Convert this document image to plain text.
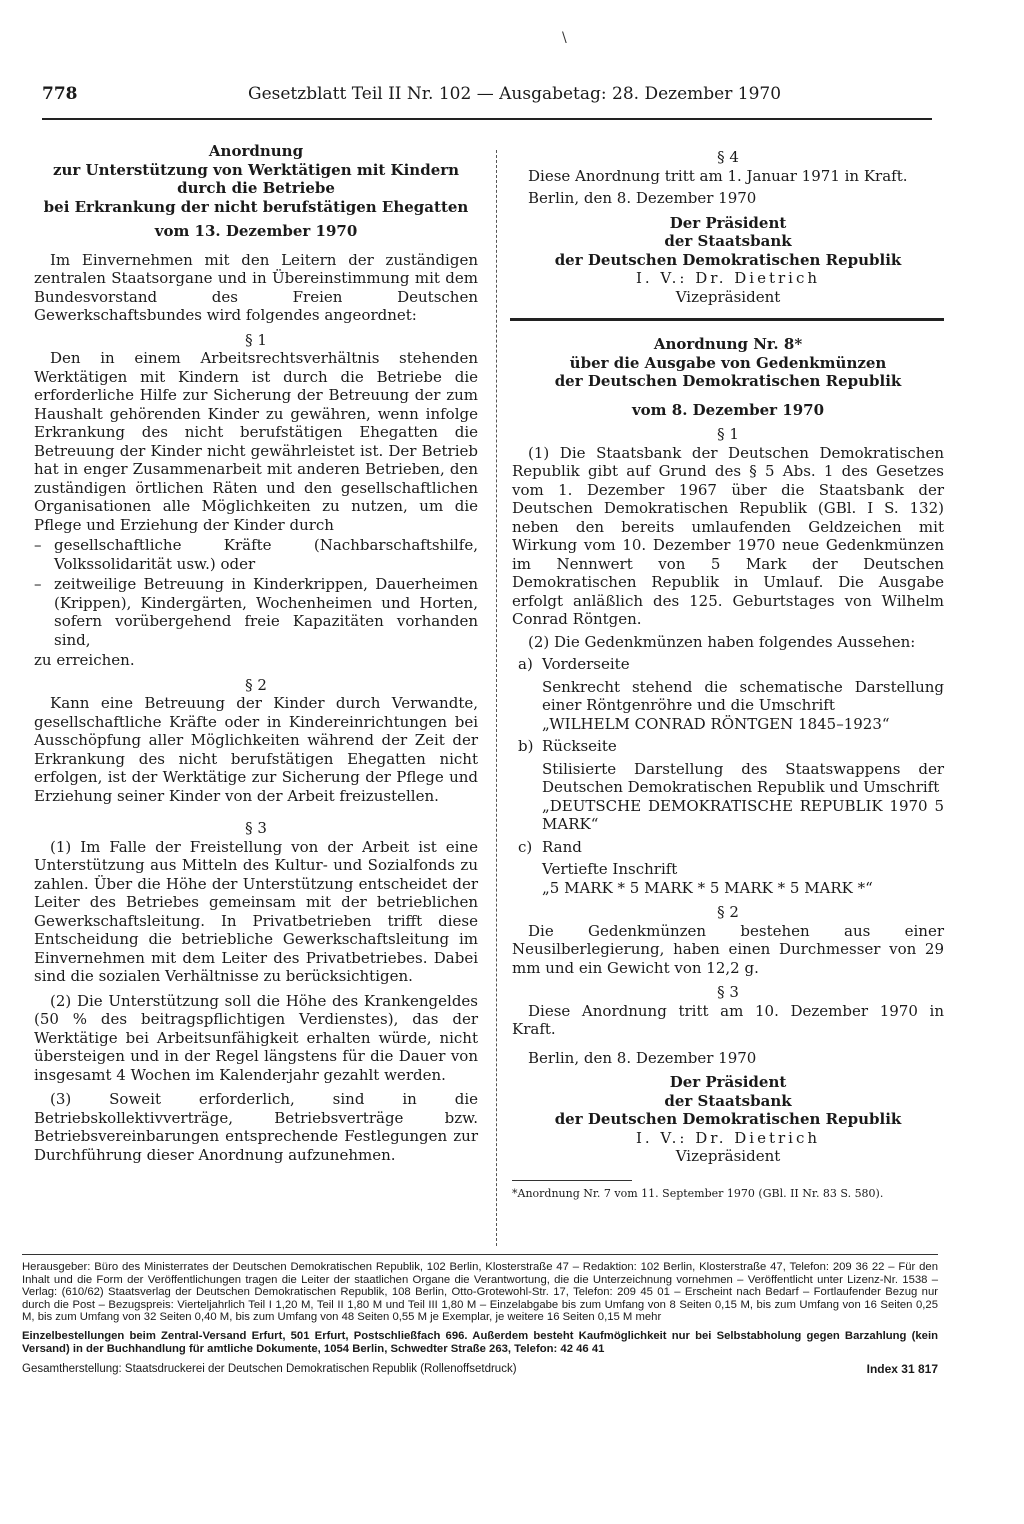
778	Gesetzblatt Teil II Nr. 102 — Ausgabetag: 28. Dezember 1970
\
Anordnung
zur Unterstützung von Werktätigen mit Kindern
durch die Betriebe
bei Erkrankung der nicht berufstätigen Ehegatten
vom 13. Dezember 1970

Im Einvernehmen mit den Leitern der zuständigen zentralen Staatsorgane und in Übereinstimmung mit dem Bundesvorstand des Freien Deutschen Gewerkschaftsbundes wird folgendes angeordnet:

§ 1

Den in einem Arbeitsrechtsverhältnis stehenden Werktätigen mit Kindern ist durch die Betriebe die erforderliche Hilfe zur Sicherung der Betreuung der zum Haushalt gehörenden Kinder zu gewähren, wenn infolge Erkrankung des nicht berufstätigen Ehegatten die Betreuung der Kinder nicht gewährleistet ist. Der Betrieb hat in enger Zusammenarbeit mit anderen Betrieben, den zuständigen örtlichen Räten und den gesellschaftlichen Organisationen alle Möglichkeiten zu nutzen, um die Pflege und Erziehung der Kinder durch

– gesellschaftliche Kräfte (Nachbarschaftshilfe, Volkssolidarität usw.) oder
– zeitweilige Betreuung in Kinderkrippen, Dauerheimen (Krippen), Kindergärten, Wochenheimen und Horten, sofern vorübergehend freie Kapazitäten vorhanden sind,

zu erreichen.

§ 2

Kann eine Betreuung der Kinder durch Verwandte, gesellschaftliche Kräfte oder in Kindereinrichtungen bei Ausschöpfung aller Möglichkeiten während der Zeit der Erkrankung des nicht berufstätigen Ehegatten nicht erfolgen, ist der Werktätige zur Sicherung der Pflege und Erziehung seiner Kinder von der Arbeit freizustellen.

§ 3

(1) Im Falle der Freistellung von der Arbeit ist eine Unterstützung aus Mitteln des Kultur- und Sozialfonds zu zahlen. Über die Höhe der Unterstützung entscheidet der Leiter des Betriebes gemeinsam mit der betrieblichen Gewerkschaftsleitung. In Privatbetrieben trifft diese Entscheidung die betriebliche Gewerkschaftsleitung im Einvernehmen mit dem Leiter des Privatbetriebes. Dabei sind die sozialen Verhältnisse zu berücksichtigen.

(2) Die Unterstützung soll die Höhe des Krankengeldes (50 % des beitragspflichtigen Verdienstes), das der Werktätige bei Arbeitsunfähigkeit erhalten würde, nicht übersteigen und in der Regel längstens für die Dauer von insgesamt 4 Wochen im Kalenderjahr gezahlt werden.

(3) Soweit erforderlich, sind in die Betriebskollektivverträge, Betriebsverträge bzw. Betriebsvereinbarungen entsprechende Festlegungen zur Durchführung dieser Anordnung aufzunehmen.

§ 4

Diese Anordnung tritt am 1. Januar 1971 in Kraft.

Berlin, den 8. Dezember 1970

Der Präsident
der Staatsbank
der Deutschen Demokratischen Republik
I. V.: Dr. Dietrich
Vizepräsident
Anordnung Nr. 8*
über die Ausgabe von Gedenkmünzen
der Deutschen Demokratischen Republik
vom 8. Dezember 1970
§ 1

(1) Die Staatsbank der Deutschen Demokratischen Republik gibt auf Grund des § 5 Abs. 1 des Gesetzes vom 1. Dezember 1967 über die Staatsbank der Deutschen Demokratischen Republik (GBl. I S. 132) neben den bereits umlaufenden Geldzeichen mit Wirkung vom 10. Dezember 1970 neue Gedenkmünzen im Nennwert von 5 Mark der Deutschen Demokratischen Republik in Umlauf. Die Ausgabe erfolgt anläßlich des 125. Geburtstages von Wilhelm Conrad Röntgen.

(2) Die Gedenkmünzen haben folgendes Aussehen:

a) Vorderseite

Senkrecht stehend die schematische Darstellung einer Röntgenröhre und die Umschrift

„WILHELM CONRAD RÖNTGEN 1845–1923“

b) Rückseite

Stilisierte Darstellung des Staatswappens der Deutschen Demokratischen Republik und Umschrift

„DEUTSCHE DEMOKRATISCHE REPUBLIK 1970 5 MARK“

c) Rand

Vertiefte Inschrift

„5 MARK * 5 MARK * 5 MARK * 5 MARK *“

§ 2

Die Gedenkmünzen bestehen aus einer Neusilberlegierung, haben einen Durchmesser von 29 mm und ein Gewicht von 12,2 g.

§ 3

Diese Anordnung tritt am 10. Dezember 1970 in Kraft.

Berlin, den 8. Dezember 1970

Der Präsident
der Staatsbank
der Deutschen Demokratischen Republik
I. V.: Dr. Dietrich
Vizepräsident

*Anordnung Nr. 7 vom 11. September 1970 (GBl. II Nr. 83 S. 580).

Herausgeber: Büro des Ministerrates der Deutschen Demokratischen Republik, 102 Berlin, Klosterstraße 47 – Redaktion: 102 Berlin, Klosterstraße 47, Telefon: 209 36 22 – Für den Inhalt und die Form der Veröffentlichungen tragen die Leiter der staatlichen Organe die Verantwortung, die die Unterzeichnung vornehmen – Veröffentlicht unter Lizenz-Nr. 1538 – Verlag: (610/62) Staatsverlag der Deutschen Demokratischen Republik, 108 Berlin, Otto-Grotewohl-Str. 17, Telefon: 209 45 01 – Erscheint nach Bedarf – Fortlaufender Bezug nur durch die Post – Bezugspreis: Vierteljahrlich Teil I 1,20 M, Teil II 1,80 M und Teil III 1,80 M – Einzelabgabe bis zum Umfang von 8 Seiten 0,15 M, bis zum Umfang von 16 Seiten 0,25 M, bis zum Umfang von 32 Seiten 0,40 M, bis zum Umfang von 48 Seiten 0,55 M je Exemplar, je weitere 16 Seiten 0,15 M mehr

Einzelbestellungen beim Zentral-Versand Erfurt, 501 Erfurt, Postschließfach 696. Außerdem besteht Kaufmöglichkeit nur bei Selbstabholung gegen Barzahlung (kein Versand) in der Buchhandlung für amtliche Dokumente, 1054 Berlin, Schwedter Straße 263, Telefon: 42 46 41

Gesamtherstellung: Staatsdruckerei der Deutschen Demokratischen Republik (Rollenoffsetdruck)	Index 31 817
